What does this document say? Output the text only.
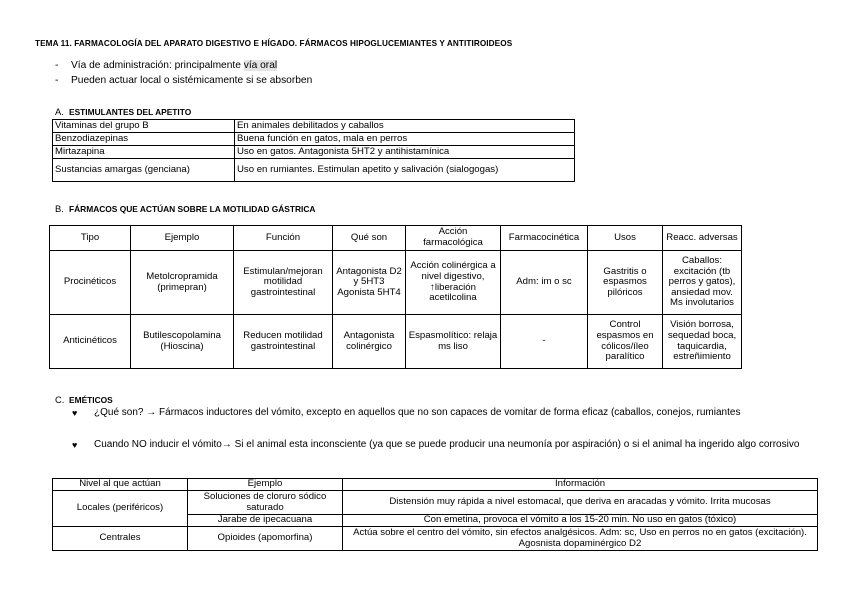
TEMA 11. FARMACOLOGÍA DEL APARATO DIGESTIVO E HÍGADO. FÁRMACOS HIPOGLUCEMIANTES Y ANTITIROIDEOS
- Vía de administración: principalmente vía oral
- Pueden actuar local o sistémicamente si se absorben
A. ESTIMULANTES DEL APETITO
Vitaminas del grupo B	En animales debilitados y caballos
Benzodiazepinas	Buena función en gatos, mala en perros
Mirtazapina	Uso en gatos. Antagonista 5HT2 y antihistamínica
Sustancias amargas (genciana)	Uso en rumiantes. Estimulan apetito y salivación (sialogogas)
B. FÁRMACOS QUE ACTÚAN SOBRE LA MOTILIDAD GÁSTRICA
Tipo	Ejemplo	Función	Qué son	Acción farmacológica	Farmacocinética	Usos	Reacc. adversas
Procinéticos	Metolcropramida (primepran)	Estimulan/mejoran motilidad gastrointestinal	Antagonista D2 y 5HT3 Agonista 5HT4	Acción colinérgica a nivel digestivo, ↑liberación acetilcolina	Adm: im o sc	Gastritis o espasmos pilóricos	Caballos: excitación (tb perros y gatos), ansiedad mov. Ms involutarios
Anticinéticos	Butilescopolamina (Hioscina)	Reducen motilidad gastrointestinal	Antagonista colinérgico	Espasmolítico: relaja ms liso	-	Control espasmos en cólicos/íleo paralítico	Visión borrosa, sequedad boca, taquicardia, estreñimiento
C. EMÉTICOS
♥	¿Qué son? → Fármacos inductores del vómito, excepto en aquellos que no son capaces de vomitar de forma eficaz (caballos, conejos, rumiantes
♥	Cuando NO inducir el vómito→ Si el animal esta inconsciente (ya que se puede producir una neumonía por aspiración) o si el animal ha ingerido algo corrosivo
Nivel al que actúan	Ejemplo	Información
Locales (periféricos)	Soluciones de cloruro sódico saturado	Distensión muy rápida a nivel estomacal, que deriva en aracadas y vómito. Irrita mucosas
	Jarabe de ipecacuana	Con emetina, provoca el vómito a los 15-20 min. No uso en gatos (tóxico)
Centrales	Opioides (apomorfina)	Actúa sobre el centro del vómito, sin efectos analgésicos. Adm: sc, Uso en perros no en gatos (excitación). Agosnista dopaminérgico D2
